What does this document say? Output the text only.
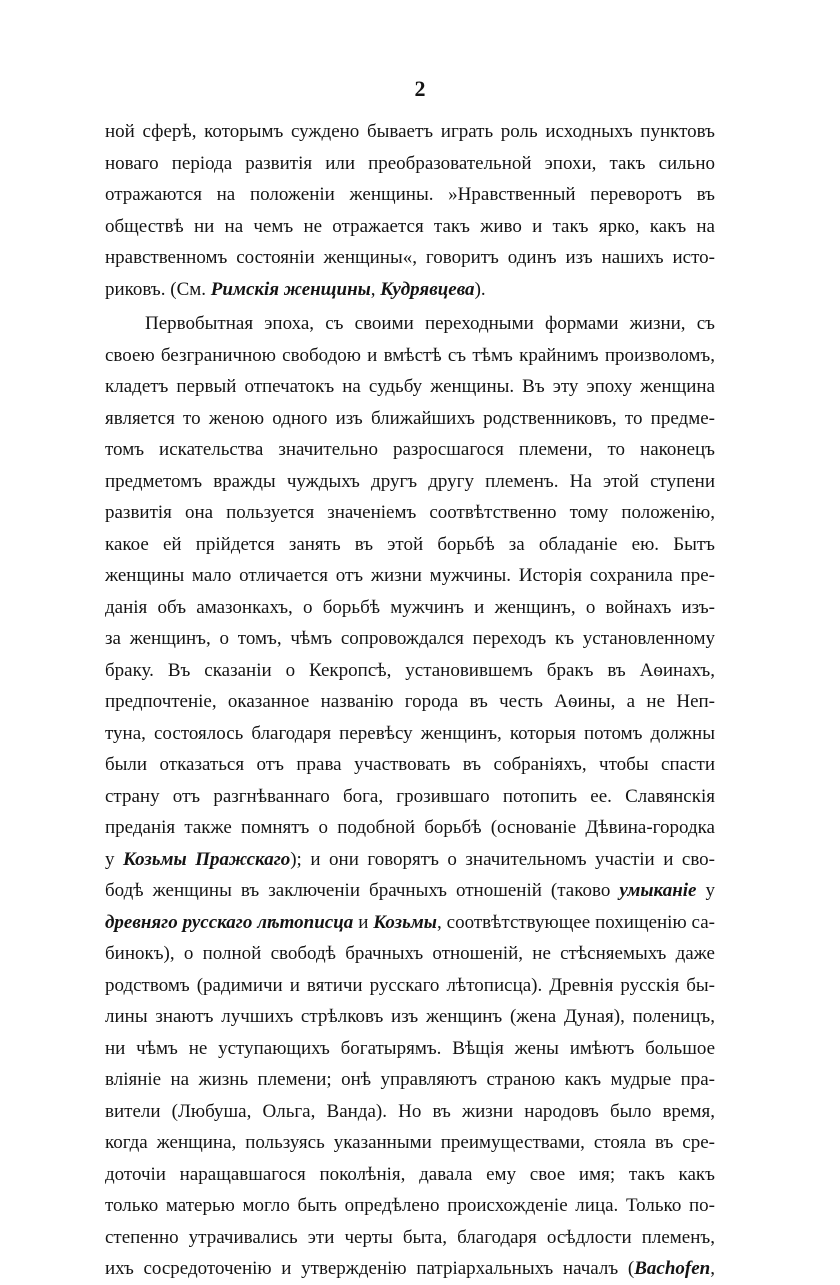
2
ной сферѣ, которымъ суждено бываетъ играть роль исходныхъ пунктовъ
новаго періода развитія или преобразовательной эпохи, такъ сильно
отражаются на положеніи женщины. »Нравственный переворотъ въ
обществѣ ни на чемъ не отражается такъ живо и такъ ярко, какъ на
нравственномъ состояніи женщины«, говоритъ одинъ изъ нашихъ исто-
риковъ. (См. Римскія женщины, Кудрявцева).
Первобытная эпоха, съ своими переходными формами жизни, съ
своею безграничною свободою и вмѣстѣ съ тѣмъ крайнимъ произволомъ,
кладетъ первый отпечатокъ на судьбу женщины. Въ эту эпоху женщина
является то женою одного изъ ближайшихъ родственниковъ, то предме-
томъ искательства значительно разросшагося племени, то наконецъ
предметомъ вражды чуждыхъ другъ другу племенъ. На этой ступени
развитія она пользуется значеніемъ соотвѣтственно тому положенію,
какое ей прійдется занять въ этой борьбѣ за обладаніе ею. Бытъ
женщины мало отличается отъ жизни мужчины. Исторія сохранила пре-
данія объ амазонкахъ, о борьбѣ мужчинъ и женщинъ, о войнахъ изъ-
за женщинъ, о томъ, чѣмъ сопровождался переходъ къ установленному
браку. Въ сказаніи о Кекропсѣ, установившемъ бракъ въ Аѳинахъ,
предпочтеніе, оказанное названію города въ честь Аѳины, а не Неп-
туна, состоялось благодаря перевѣсу женщинъ, которыя потомъ должны
были отказаться отъ права участвовать въ собраніяхъ, чтобы спасти
страну отъ разгнѣваннаго бога, грозившаго потопить ее. Славянскія
преданія также помнятъ о подобной борьбѣ (основаніе Дѣвина-городка
у Козьмы Пражскаго); и они говорятъ о значительномъ участіи и сво-
бодѣ женщины въ заключеніи брачныхъ отношеній (таково умыканіе у
древняго русскаго лѣтописца и Козьмы, соотвѣтствующее похищенію са-
бинокъ), о полной свободѣ брачныхъ отношеній, не стѣсняемыхъ даже
родствомъ (радимичи и вятичи русскаго лѣтописца). Древнія русскія бы-
лины знаютъ лучшихъ стрѣлковъ изъ женщинъ (жена Дуная), поленицъ,
ни чѣмъ не уступающихъ богатырямъ. Вѣщія жены имѣютъ большое
вліяніе на жизнь племени; онѣ управляютъ страною какъ мудрые пра-
вители (Любуша, Ольга, Ванда). Но въ жизни народовъ было время,
когда женщина, пользуясь указанными преимуществами, стояла въ сре-
доточіи наращавшагося поколѣнія, давала ему свое имя; такъ какъ
только матерью могло быть опредѣлено происхожденіе лица. Только по-
степенно утрачивались эти черты быта, благодаря осѣдлости племенъ,
ихъ сосредоточенію и утвержденію патріархальныхъ началъ (Bachofen,
